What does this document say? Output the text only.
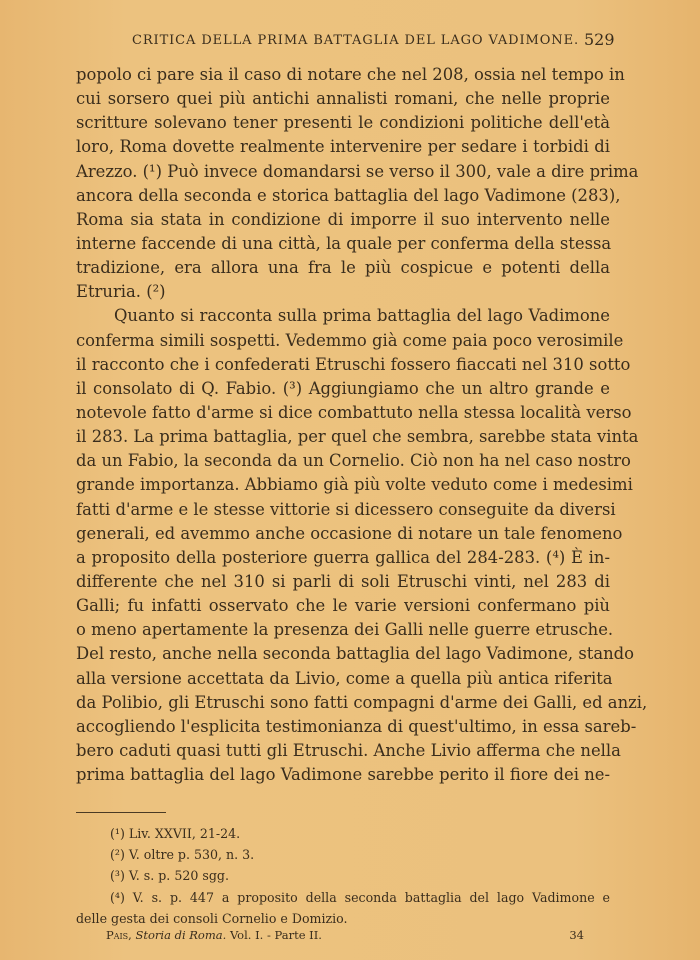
CRITICA DELLA PRIMA BATTAGLIA DEL LAGO VADIMONE. 529
popolo ci pare sia il caso di notare che nel 208, ossia nel tempo in
cui sorsero quei più antichi annalisti romani, che nelle proprie
scritture solevano tener presenti le condizioni politiche dell'età
loro, Roma dovette realmente intervenire per sedare i torbidi di
Arezzo. (¹) Può invece domandarsi se verso il 300, vale a dire prima
ancora della seconda e storica battaglia del lago Vadimone (283),
Roma sia stata in condizione di imporre il suo intervento nelle
interne faccende di una città, la quale per conferma della stessa
tradizione, era allora una fra le più cospicue e potenti della
Etruria. (²)
Quanto si racconta sulla prima battaglia del lago Vadimone
conferma simili sospetti. Vedemmo già come paia poco verosimile
il racconto che i confederati Etruschi fossero fiaccati nel 310 sotto
il consolato di Q. Fabio. (³) Aggiungiamo che un altro grande e
notevole fatto d'arme si dice combattuto nella stessa località verso
il 283. La prima battaglia, per quel che sembra, sarebbe stata vinta
da un Fabio, la seconda da un Cornelio. Ciò non ha nel caso nostro
grande importanza. Abbiamo già più volte veduto come i medesimi
fatti d'arme e le stesse vittorie si dicessero conseguite da diversi
generali, ed avemmo anche occasione di notare un tale fenomeno
a proposito della posteriore guerra gallica del 284-283. (⁴) È in-
differente che nel 310 si parli di soli Etruschi vinti, nel 283 di
Galli; fu infatti osservato che le varie versioni confermano più
o meno apertamente la presenza dei Galli nelle guerre etrusche.
Del resto, anche nella seconda battaglia del lago Vadimone, stando
alla versione accettata da Livio, come a quella più antica riferita
da Polibio, gli Etruschi sono fatti compagni d'arme dei Galli, ed anzi,
accogliendo l'esplicita testimonianza di quest'ultimo, in essa sareb-
bero caduti quasi tutti gli Etruschi. Anche Livio afferma che nella
prima battaglia del lago Vadimone sarebbe perito il fiore dei ne-
(¹) Liv. XXVII, 21-24.
(²) V. oltre p. 530, n. 3.
(³) V. s. p. 520 sgg.
(⁴) V. s. p. 447 a proposito della seconda battaglia del lago Vadimone e
delle gesta dei consoli Cornelio e Domizio.
Pais, Storia di Roma. Vol. I. - Parte II.	34
